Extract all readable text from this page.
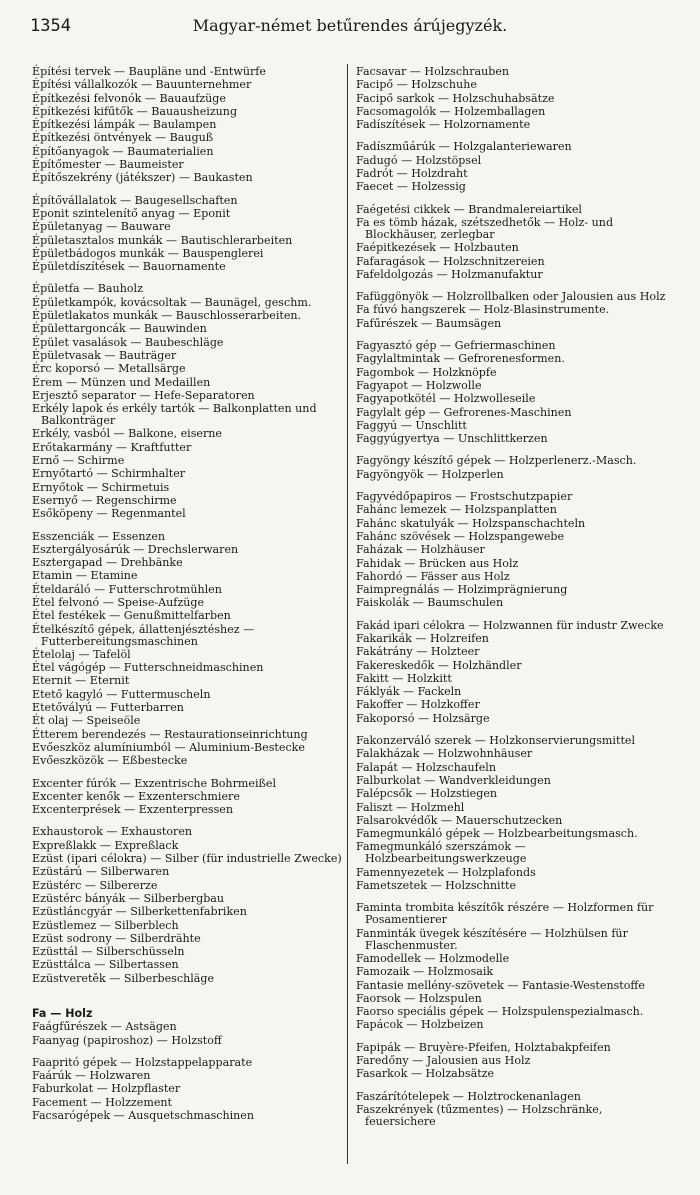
1354	Magyar-német betűrendes árújegyzék.
Építési tervek — Baupläne und -Entwürfe
Építési vállalkozók — Bauunternehmer
Építkezési felvonók — Bauaufzüge
Építkezési kifűtők — Bauausheizung
Építkezési lámpák — Baulampen
Építkezési öntvények — Bauguß
Építőanyagok — Baumaterialien
Építőmester — Baumeister
Építőszekrény (játékszer) — Baukasten
Építővállalatok — Baugesellschaften
Eponit szintelenítő anyag — Eponit
Épületanyag — Bauware
Épületasztalos munkák — Bautischlerarbeiten
Épületbádogos munkák — Bauspenglerei
Épületdíszítések — Bauornamente
Épületfa — Bauholz
Épületkampók, kovácsoltak — Baunägel, geschm.
Épületlakatos munkák — Bauschlosserarbeiten.
Épülettargoncák — Bauwinden
Épület vasalások — Baubeschläge
Épületvasak — Bauträger
Érc koporsó — Metallsärge
Érem — Münzen und Medaillen
Erjesztő separator — Hefe-Separatoren
Erkély lapok és erkély tartók — Balkonplatten und Balkonträger
Erkély, vasból — Balkone, eiserne
Erőtakarmány — Kraftfutter
Ernő — Schirme
Ernyőtartó — Schirmhalter
Ernyőtok — Schirmetuis
Esernyő — Regenschirme
Esőköpeny — Regenmantel
Esszenciák — Essenzen
Esztergályosárúk — Drechslerwaren
Esztergapad — Drehbänke
Etamin — Etamine
Ételdaráló — Futterschrotmühlen
Étel felvonó — Speise-Aufzüge
Étel festékek — Genußmittelfarben
Ételkészítő gépek, állattenjésztéshez — Futterbereitungsmaschinen
Ételolaj — Tafelöl
Étel vágógép — Futterschneidmaschinen
Eternit — Eternit
Etető kagyló — Futtermuscheln
Etetővályú — Futterbarren
Ét olaj — Speiseöle
Étterem berendezés — Restaurationseinrichtung
Evőeszköz alumíniumból — Aluminium-Bestecke
Evőeszközök — Eßbestecke
Excenter fúrók — Exzentrische Bohrmeißel
Excenter kenők — Exzenterschmiere
Excenterprések — Exzenterpressen
Exhaustorok — Exhaustoren
Expreßlakk — Expreßlack
Ezüst (ipari célokra) — Silber (für industrielle Zwecke)
Ezüstárú — Silberwaren
Ezüstérc — Silbererze
Ezüstérc bányák — Silberbergbau
Ezüstláncgyár — Silberkettenfabriken
Ezüstlemez — Silberblech
Ezüst sodrony — Silberdrähte
Ezüsttál — Silberschüsseln
Ezüsttálca — Silbertassen
Ezüstveretěk — Silberbeschläge
Fa — Holz
Faágfűrészek — Astsägen
Faanyag (papiroshoz) — Holzstoff
Faapritó gépek — Holzstappelapparate
Faárúk — Holzwaren
Faburkolat — Holzpflaster
Facement — Holzzement
Facsarógépek — Ausquetschmaschinen
Facsavar — Holzschrauben
Facipő — Holzschuhe
Facipő sarkok — Holzschuhabsätze
Facsomagolók — Holzemballagen
Fadíszítések — Holzornamente
Fadíszműárúk — Holzgalanteriewaren
Fadugó — Holzstöpsel
Fadrót — Holzdraht
Faecet — Holzessig
Faégetési cikkek — Brandmalereiartikel
Fa es tömb házak, szétszedhetők — Holz- und Blockhäuser, zerlegbar
Faépitkezések — Holzbauten
Fafaragások — Holzschnitzereien
Fafeldolgozás — Holzmanufaktur
Fafüggönyök — Holzrollbalken oder Jalousien aus Holz
Fa fúvó hangszerek — Holz-Blasinstrumente.
Fafűrészek — Baumsägen
Fagyasztó gép — Gefriermaschinen
Fagylaltmintak — Gefrorenesformen.
Fagombok — Holzknöpfe
Fagyapot — Holzwolle
Fagyapotkötél — Holzwolleseile
Fagylalt gép — Gefrorenes-Maschinen
Faggyú — Unschlitt
Faggyúgyertya — Unschlittkerzen
Fagyöngy készítő gépek — Holzperlenerz.-Masch.
Fagyöngyök — Holzperlen
Fagyvédőpapiros — Frostschutzpapier
Fahánc lemezek — Holzspanplatten
Fahánc skatulyák — Holzspanschachteln
Fahánc szövések — Holzspangewebe
Faházak — Holzhäuser
Fahidak — Brücken aus Holz
Fahordó — Fässer aus Holz
Faimpregnálás — Holzimprägnierung
Faiskolák — Baumschulen
Fakád ipari célokra — Holzwannen für industr Zwecke
Fakarikák — Holzreifen
Fakátrány — Holzteer
Fakereskedők — Holzhändler
Fakitt — Holzkitt
Fáklyák — Fackeln
Fakoffer — Holzkoffer
Fakoporsó — Holzsärge
Fakonzerváló szerek — Holzkonservierungsmittel
Falakházak — Holzwohnhäuser
Falapát — Holzschaufeln
Falburkolat — Wandverkleidungen
Falépcsők — Holzstiegen
Faliszt — Holzmehl
Falsarokvédők — Mauerschutzecken
Famegmunkáló gépek — Holzbearbeitungsmasch.
Famegmunkáló szerszámok — Holzbearbeitungswerkzeuge
Famennyezetek — Holzplafonds
Fametszetek — Holzschnitte
Faminta trombita készítők részére — Holzformen für Posamentierer
Fanminták üvegek készítésére — Holzhülsen für Flaschenmuster.
Famodellek — Holzmodelle
Famozaik — Holzmosaik
Fantasie mellény-szövetek — Fantasie-Westenstoffe
Faorsok — Holzspulen
Faorso speciális gépek — Holzspulenspezialmasch.
Fapácok — Holzbeizen
Fapipák — Bruyère-Pfeifen, Holztabakpfeifen
Faredőny — Jalousien aus Holz
Fasarkok — Holzabsätze
Faszárítótelepek — Holztrockenanlagen
Faszekrények (tűzmentes) — Holzschränke, feuersichere
